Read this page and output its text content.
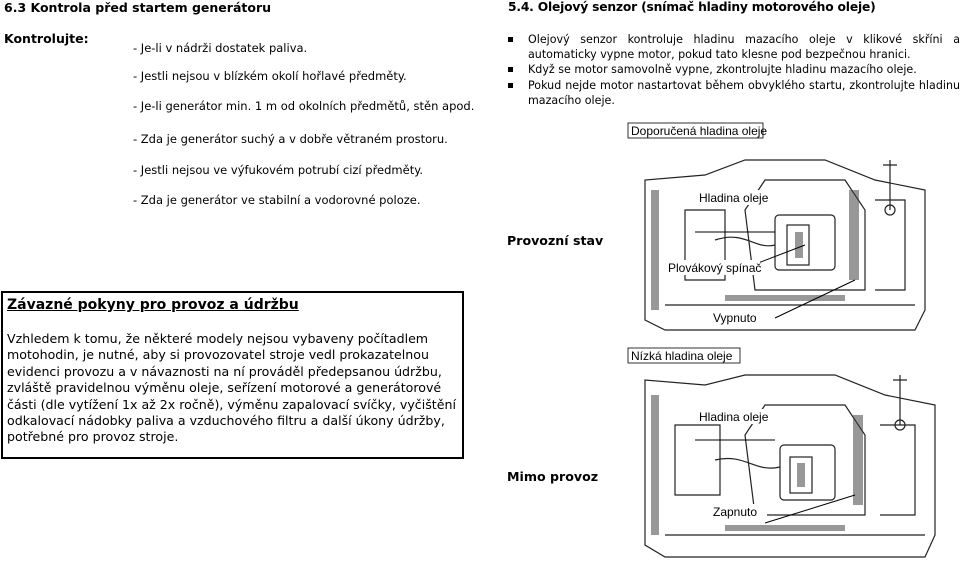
6.3 Kontrola před startem generátoru
Kontrolujte:
- Je-li v nádrži dostatek paliva.
- Jestli nejsou v blízkém okolí hořlavé předměty.
- Je-li generátor min. 1 m od okolních předmětů, stěn apod.
- Zda je generátor suchý a v dobře větraném prostoru.
- Jestli nejsou ve výfukovém potrubí cizí předměty.
- Zda je generátor ve stabilní a vodorovné poloze.
Závazné pokyny pro provoz a údržbu
Vzhledem k tomu, že některé modely nejsou vybaveny počítadlem motohodin, je nutné, aby si provozovatel stroje vedl prokazatelnou evidenci provozu a v návaznosti na ní prováděl předepsanou údržbu, zvláště pravidelnou výměnu oleje, seřízení motorové a generátorové části (dle vytížení 1x až 2x ročně), výměnu zapalovací svíčky, vyčištění odkalovací nádobky paliva a vzduchového filtru a další úkony údržby, potřebné pro provoz stroje.
5.4. Olejový senzor (snímač hladiny motorového oleje)
Olejový senzor kontroluje hladinu mazacího oleje v klikové skříni a automaticky vypne motor, pokud tato klesne pod bezpečnou hranici.
Když se motor samovolně vypne, zkontrolujte hladinu mazacího oleje.
Pokud nejde motor nastartovat během obvyklého startu, zkontrolujte hladinu mazacího oleje.
Provozní stav
Mimo provoz
Doporučená hladina oleje
Hladina oleje
Plovákový spínač
Vypnuto
Nízká hladina oleje
Hladina oleje
Zapnuto
